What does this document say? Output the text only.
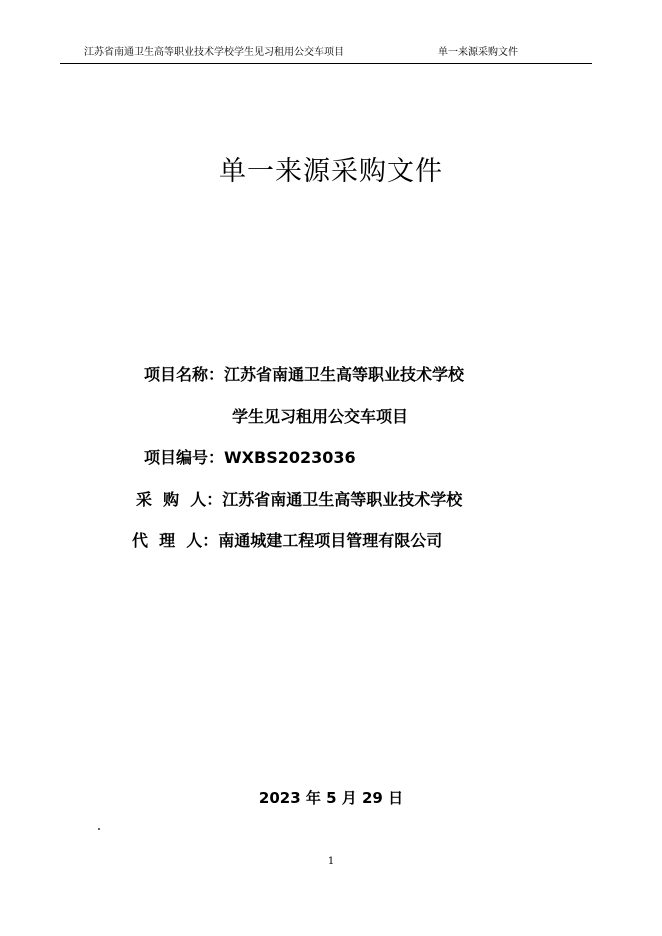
江苏省南通卫生高等职业技术学校学生见习租用公交车项目	单一来源采购文件
单一来源采购文件
项目名称：江苏省南通卫生高等职业技术学校
学生见习租用公交车项目
项目编号：WXBS2023036
采  购  人：江苏省南通卫生高等职业技术学校
代  理  人：南通城建工程项目管理有限公司
2023 年 5 月 29 日
1
